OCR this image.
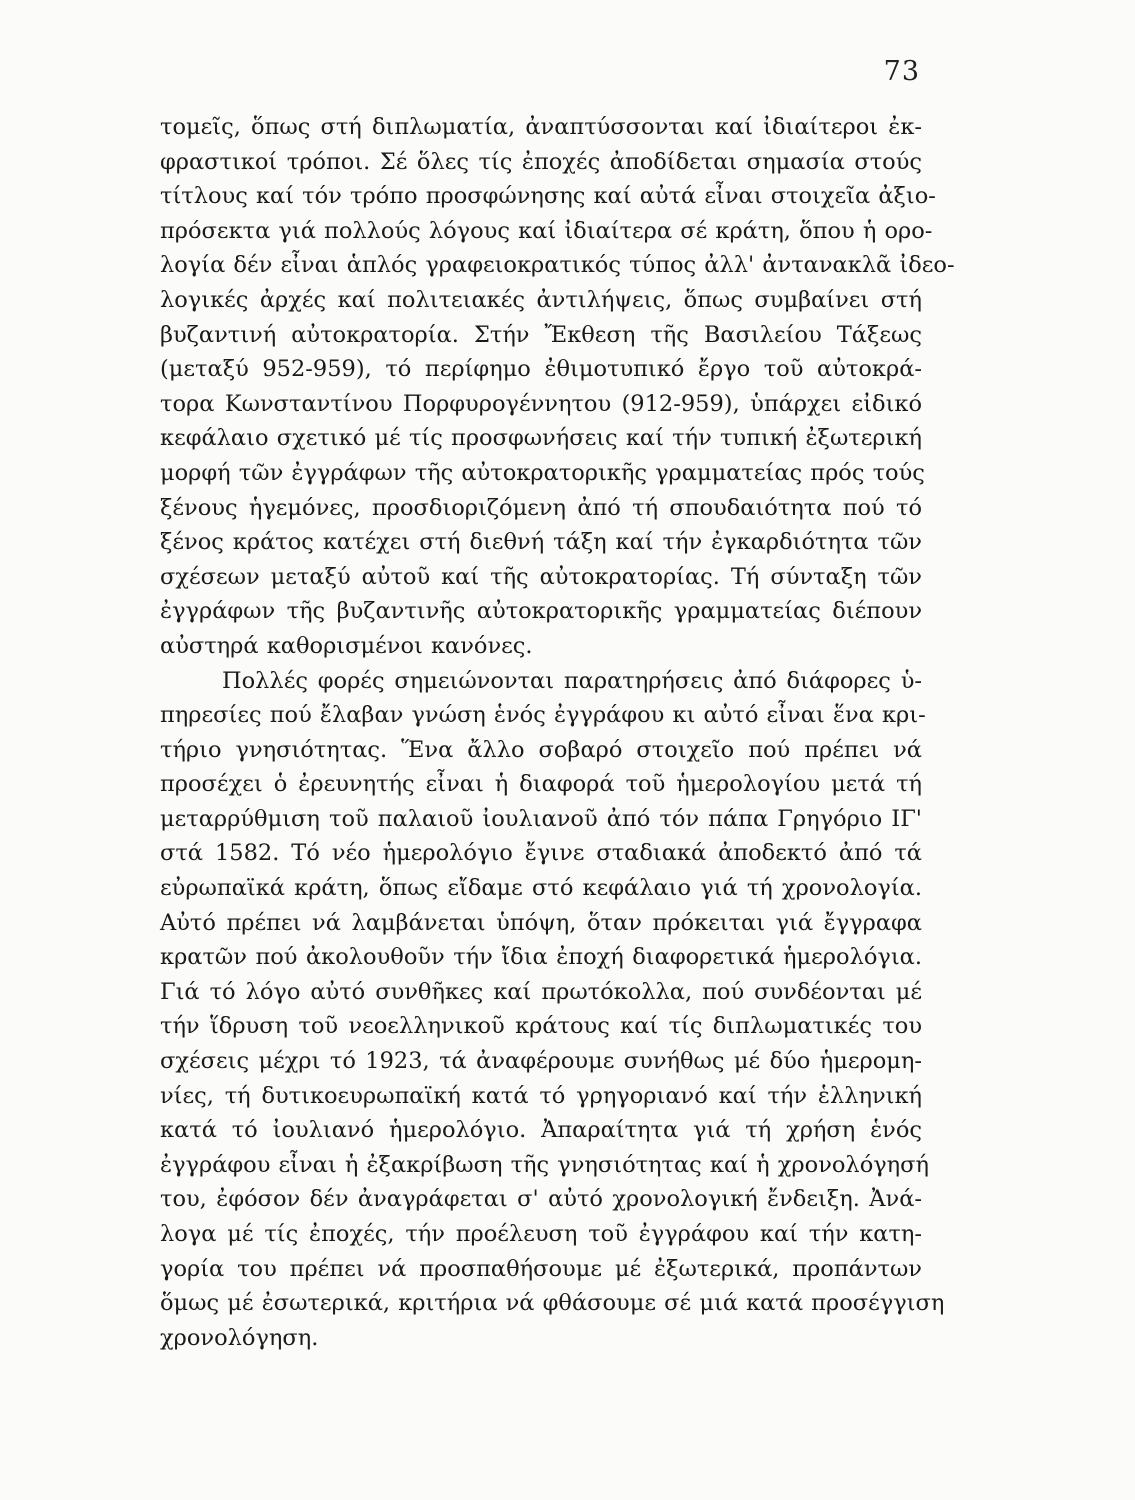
73
τομεῖς, ὅπως στή διπλωματία, ἀναπτύσσονται καί ἰδιαίτεροι ἐκ-
φραστικοί τρόποι. Σέ ὅλες τίς ἐποχές ἀποδίδεται σημασία στούς
τίτλους καί τόν τρόπο προσφώνησης καί αὐτά εἶναι στοιχεῖα ἀξιο-
πρόσεκτα γιά πολλούς λόγους καί ἰδιαίτερα σέ κράτη, ὅπου ἡ ορο-
λογία δέν εἶναι ἁπλός γραφειοκρατικός τύπος ἀλλ' ἀντανακλᾶ ἰδεο-
λογικές ἀρχές καί πολιτειακές ἀντιλήψεις, ὅπως συμβαίνει στή
βυζαντινή αὐτοκρατορία. Στήν Ἔκθεση τῆς Βασιλείου Τάξεως
(μεταξύ 952-959), τό περίφημο ἐθιμοτυπικό ἔργο τοῦ αὐτοκρά-
τορα Κωνσταντίνου Πορφυρογέννητου (912-959), ὑπάρχει εἰδικό
κεφάλαιο σχετικό μέ τίς προσφωνήσεις καί τήν τυπική ἐξωτερική
μορφή τῶν ἐγγράφων τῆς αὐτοκρατορικῆς γραμματείας πρός τούς
ξένους ἡγεμόνες, προσδιοριζόμενη ἀπό τή σπουδαιότητα πού τό
ξένος κράτος κατέχει στή διεθνή τάξη καί τήν ἐγκαρδιότητα τῶν
σχέσεων μεταξύ αὐτοῦ καί τῆς αὐτοκρατορίας. Τή σύνταξη τῶν
ἐγγράφων τῆς βυζαντινῆς αὐτοκρατορικῆς γραμματείας διέπουν
αὐστηρά καθορισμένοι κανόνες.
Πολλές φορές σημειώνονται παρατηρήσεις ἀπό διάφορες ὑ-
πηρεσίες πού ἔλαβαν γνώση ἑνός ἐγγράφου κι αὐτό εἶναι ἕνα κρι-
τήριο γνησιότητας. Ἕνα ἄλλο σοβαρό στοιχεῖο πού πρέπει νά
προσέχει ὁ ἐρευνητής εἶναι ἡ διαφορά τοῦ ἡμερολογίου μετά τή
μεταρρύθμιση τοῦ παλαιοῦ ἰουλιανοῦ ἀπό τόν πάπα Γρηγόριο ΙΓ'
στά 1582. Τό νέο ἡμερολόγιο ἔγινε σταδιακά ἀποδεκτό ἀπό τά
εὐρωπαϊκά κράτη, ὅπως εἴδαμε στό κεφάλαιο γιά τή χρονολογία.
Αὐτό πρέπει νά λαμβάνεται ὑπόψη, ὅταν πρόκειται γιά ἔγγραφα
κρατῶν πού ἀκολουθοῦν τήν ἴδια ἐποχή διαφορετικά ἡμερολόγια.
Γιά τό λόγο αὐτό συνθῆκες καί πρωτόκολλα, πού συνδέονται μέ
τήν ἵδρυση τοῦ νεοελληνικοῦ κράτους καί τίς διπλωματικές του
σχέσεις μέχρι τό 1923, τά ἀναφέρουμε συνήθως μέ δύο ἡμερομη-
νίες, τή δυτικοευρωπαϊκή κατά τό γρηγοριανό καί τήν ἑλληνική
κατά τό ἰουλιανό ἡμερολόγιο. Ἀπαραίτητα γιά τή χρήση ἑνός
ἐγγράφου εἶναι ἡ ἐξακρίβωση τῆς γνησιότητας καί ἡ χρονολόγησή
του, ἐφόσον δέν ἀναγράφεται σ' αὐτό χρονολογική ἔνδειξη. Ἀνά-
λογα μέ τίς ἐποχές, τήν προέλευση τοῦ ἐγγράφου καί τήν κατη-
γορία του πρέπει νά προσπαθήσουμε μέ ἐξωτερικά, προπάντων
ὅμως μέ ἐσωτερικά, κριτήρια νά φθάσουμε σέ μιά κατά προσέγγιση
χρονολόγηση.
